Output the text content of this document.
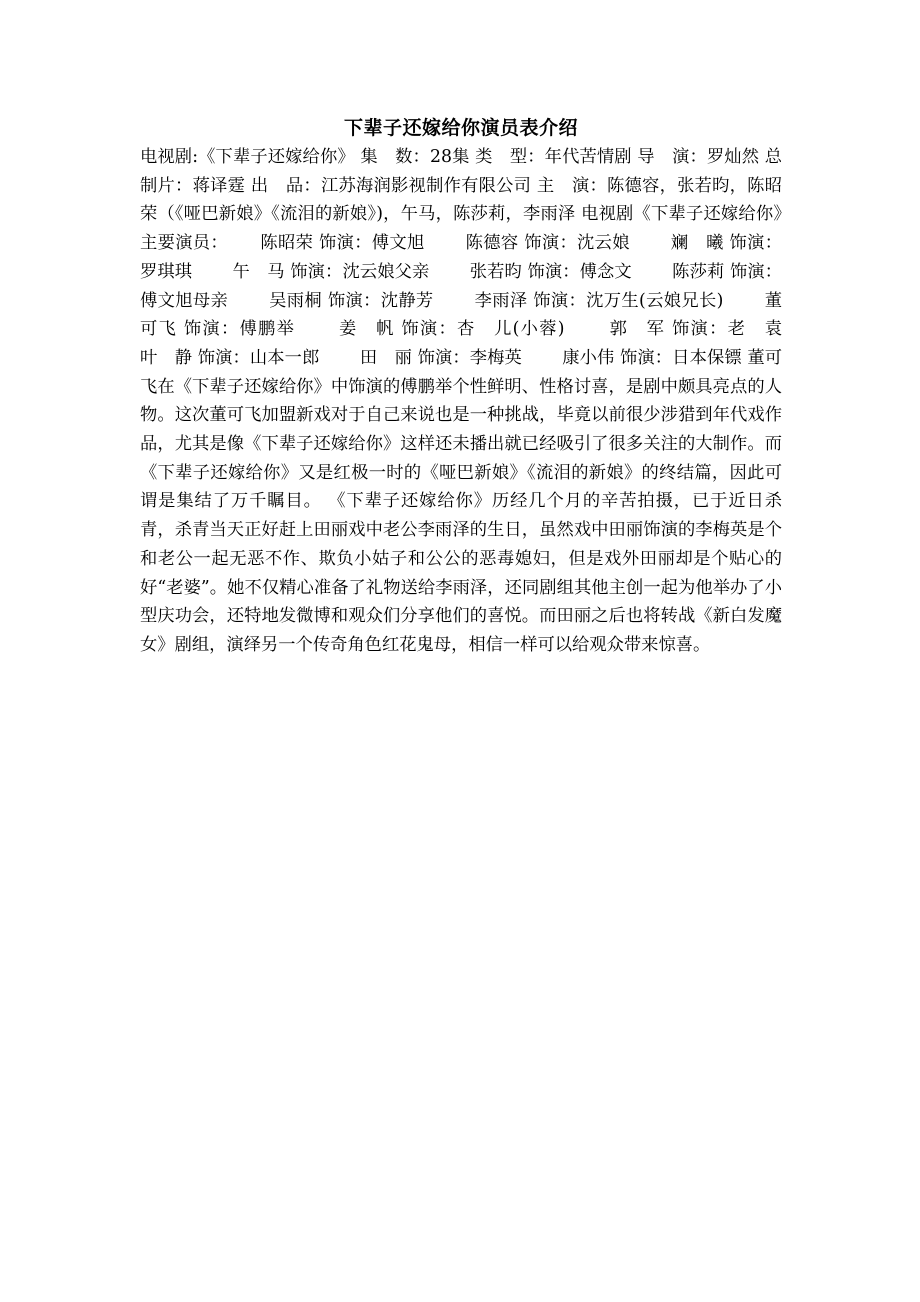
下辈子还嫁给你演员表介绍

电视剧:《下辈子还嫁给你》 集　数：28集 类　型：年代苦情剧 导　演：罗灿然 总制片：蒋译霆 出　品：江苏海润影视制作有限公司 主　演：陈德容，张若昀，陈昭荣（《哑巴新娘》《流泪的新娘》)，午马，陈莎莉，李雨泽 电视剧《下辈子还嫁给你》主要演员：　　 陈昭荣 饰演：傅文旭　　 陈德容 饰演：沈云娘　　 斓　曦 饰演：罗琪琪　　 午　马 饰演：沈云娘父亲　　 张若昀 饰演：傅念文　　 陈莎莉 饰演：傅文旭母亲　　 吴雨桐 饰演：沈静芳　　 李雨泽 饰演：沈万生(云娘兄长)　　 董可飞 饰演：傅鹏举　　 姜　帆 饰演：杏　儿(小蓉)　　 郭　军 饰演：老　袁　　 叶　静 饰演：山本一郎　　 田　丽 饰演：李梅英　　 康小伟 饰演：日本保镖 董可飞在《下辈子还嫁给你》中饰演的傅鹏举个性鲜明、性格讨喜，是剧中颇具亮点的人物。这次董可飞加盟新戏对于自己来说也是一种挑战，毕竟以前很少涉猎到年代戏作品，尤其是像《下辈子还嫁给你》这样还未播出就已经吸引了很多关注的大制作。而《下辈子还嫁给你》又是红极一时的《哑巴新娘》《流泪的新娘》的终结篇，因此可谓是集结了万千瞩目。 《下辈子还嫁给你》历经几个月的辛苦拍摄，已于近日杀青，杀青当天正好赶上田丽戏中老公李雨泽的生日，虽然戏中田丽饰演的李梅英是个和老公一起无恶不作、欺负小姑子和公公的恶毒媳妇，但是戏外田丽却是个贴心的好“老婆”。她不仅精心准备了礼物送给李雨泽，还同剧组其他主创一起为他举办了小型庆功会，还特地发微博和观众们分享他们的喜悦。而田丽之后也将转战《新白发魔女》剧组，演绎另一个传奇角色红花鬼母，相信一样可以给观众带来惊喜。
